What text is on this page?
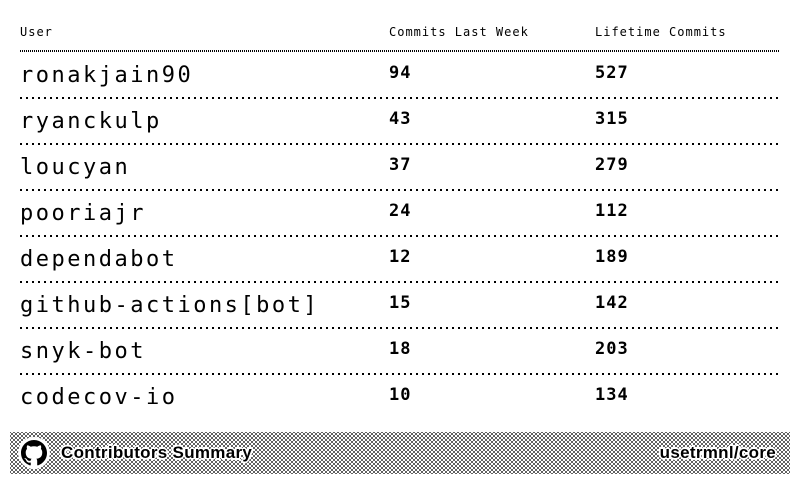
User	Commits Last Week	Lifetime Commits
ronakjain90	94	527
ryanckulp	43	315
loucyan	37	279
pooriajr	24	112
dependabot	12	189
github-actions[bot]	15	142
snyk-bot	18	203
codecov-io	10	134
Contributors Summary	usetrmnl/core
